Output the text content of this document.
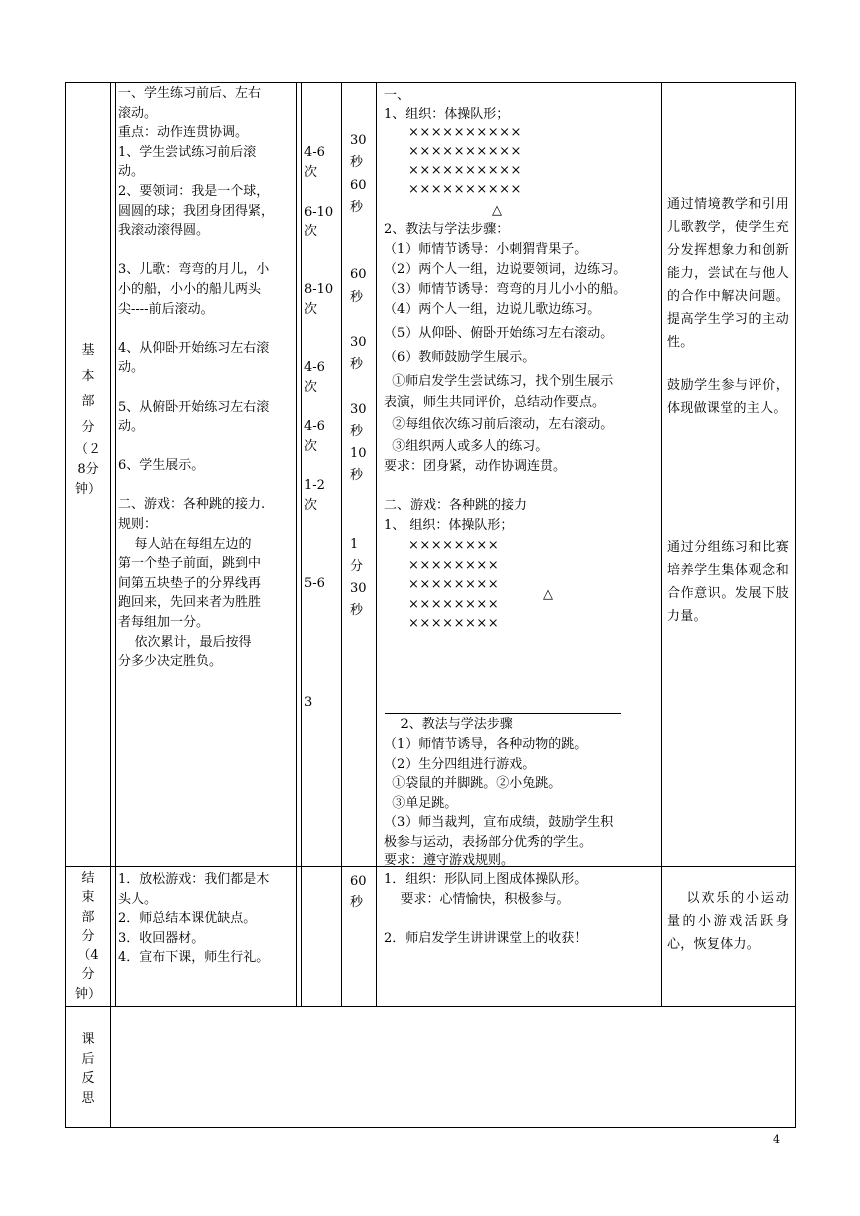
基
本
部
分
（２
8分
钟）
一、学生练习前后、左右
滚动。
重点：动作连贯协调。
1、学生尝试练习前后滚
动。
2、要领词：我是一个球，
圆圆的球；我团身团得紧，
我滚动滚得圆。

3、儿歌：弯弯的月儿，小
小的船，小小的船儿两头
尖----前后滚动。

4、从仰卧开始练习左右滚
动。

5、从俯卧开始练习左右滚
动。

6、学生展示。

二、游戏：各种跳的接力.
规则：
每人站在每组左边的
第一个垫子前面，跳到中
间第五块垫子的分界线再
跑回来，先回来者为胜胜
者每组加一分。
依次累计，最后按得
分多少决定胜负。
4-6
次
6-10
次
8-10
次
4-6
次
4-6
次
1-2
次
5-6
3
30
秒
60
秒
60
秒
30
秒
30
秒
10
秒
1
分
30
秒
一、
1、组织：体操队形；
××××××××××
××××××××××
××××××××××
××××××××××
△
2、教法与学法步骤：
（1）师情节诱导：小刺猬背果子。
（2）两个人一组，边说要领词，边练习。
（3）师情节诱导：弯弯的月儿小小的船。
（4）两个人一组，边说儿歌边练习。
（5）从仰卧、俯卧开始练习左右滚动。
（6）教师鼓励学生展示。
①师启发学生尝试练习，找个别生展示
表演，师生共同评价，总结动作要点。
②每组依次练习前后滚动，左右滚动。
③组织两人或多人的练习。
要求：团身紧，动作协调连贯。
二、游戏：各种跳的接力
1、 组织：体操队形；
××××××××
××××××××
××××××××
××××××××
××××××××
△
2、教法与学法步骤
（1）师情节诱导，各种动物的跳。
（2）生分四组进行游戏。
①袋鼠的并脚跳。②小兔跳。
③单足跳。
（3）师当裁判，宣布成绩，鼓励学生积
极参与运动，表扬部分优秀的学生。
要求：遵守游戏规则。
通过情境教学和引用儿歌教学，使学生充分发挥想象力和创新能力，尝试在与他人的合作中解决问题。提高学生学习的主动性。
鼓励学生参与评价，体现做课堂的主人。
通过分组练习和比赛培养学生集体观念和合作意识。发展下肢力量。
结
束
部
分
（4
分
钟）
1．放松游戏：我们都是木
头人。
2．师总结本课优缺点。
3．收回器材。
4．宣布下课，师生行礼。
60
秒
1．组织：形队同上图成体操队形。
要求：心情愉快，积极参与。

2．师启发学生讲讲课堂上的收获！
以欢乐的小运动量的小游戏活跃身心，恢复体力。
课
后
反
思
4
